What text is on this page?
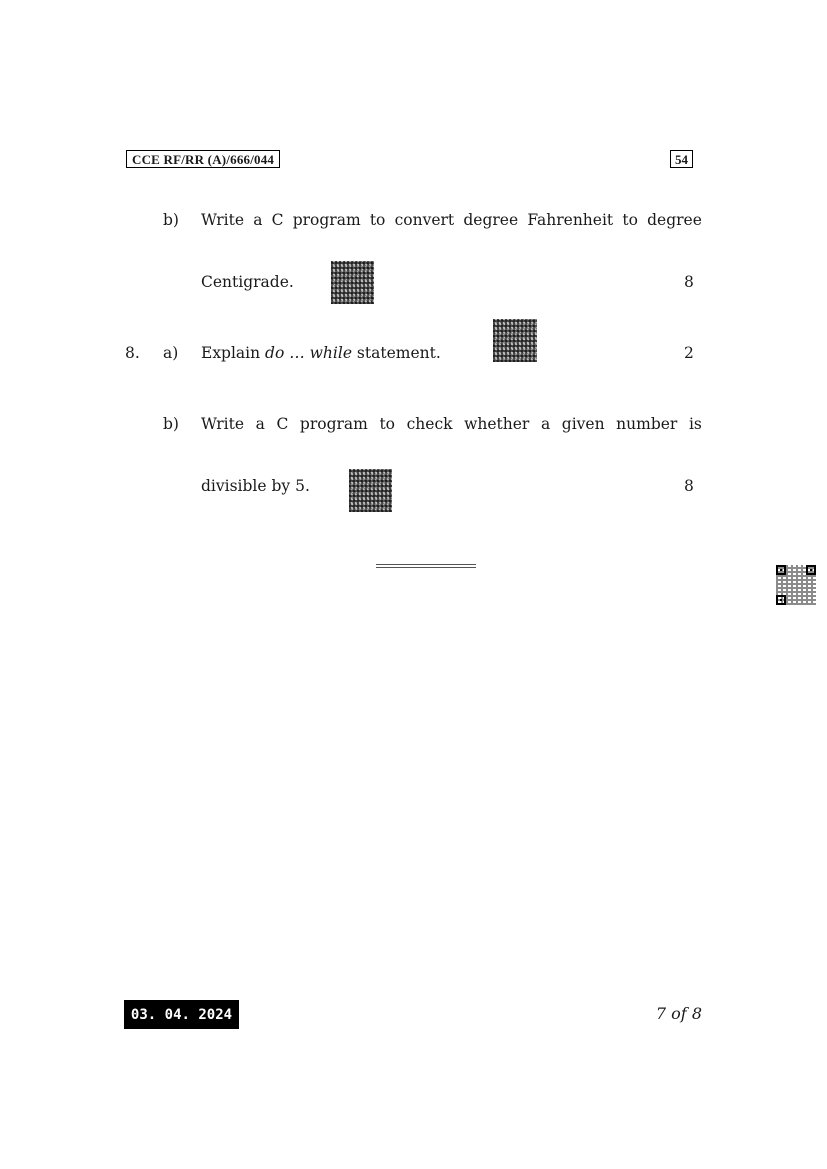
CCE RF/RR (A)/666/044	54
b) Write a C program to convert degree Fahrenheit to degree
Centigrade.	8
8. a) Explain do … while statement.	2
b) Write a C program to check whether a given number is
divisible by 5.	8
03. 04. 2024	7 of 8
